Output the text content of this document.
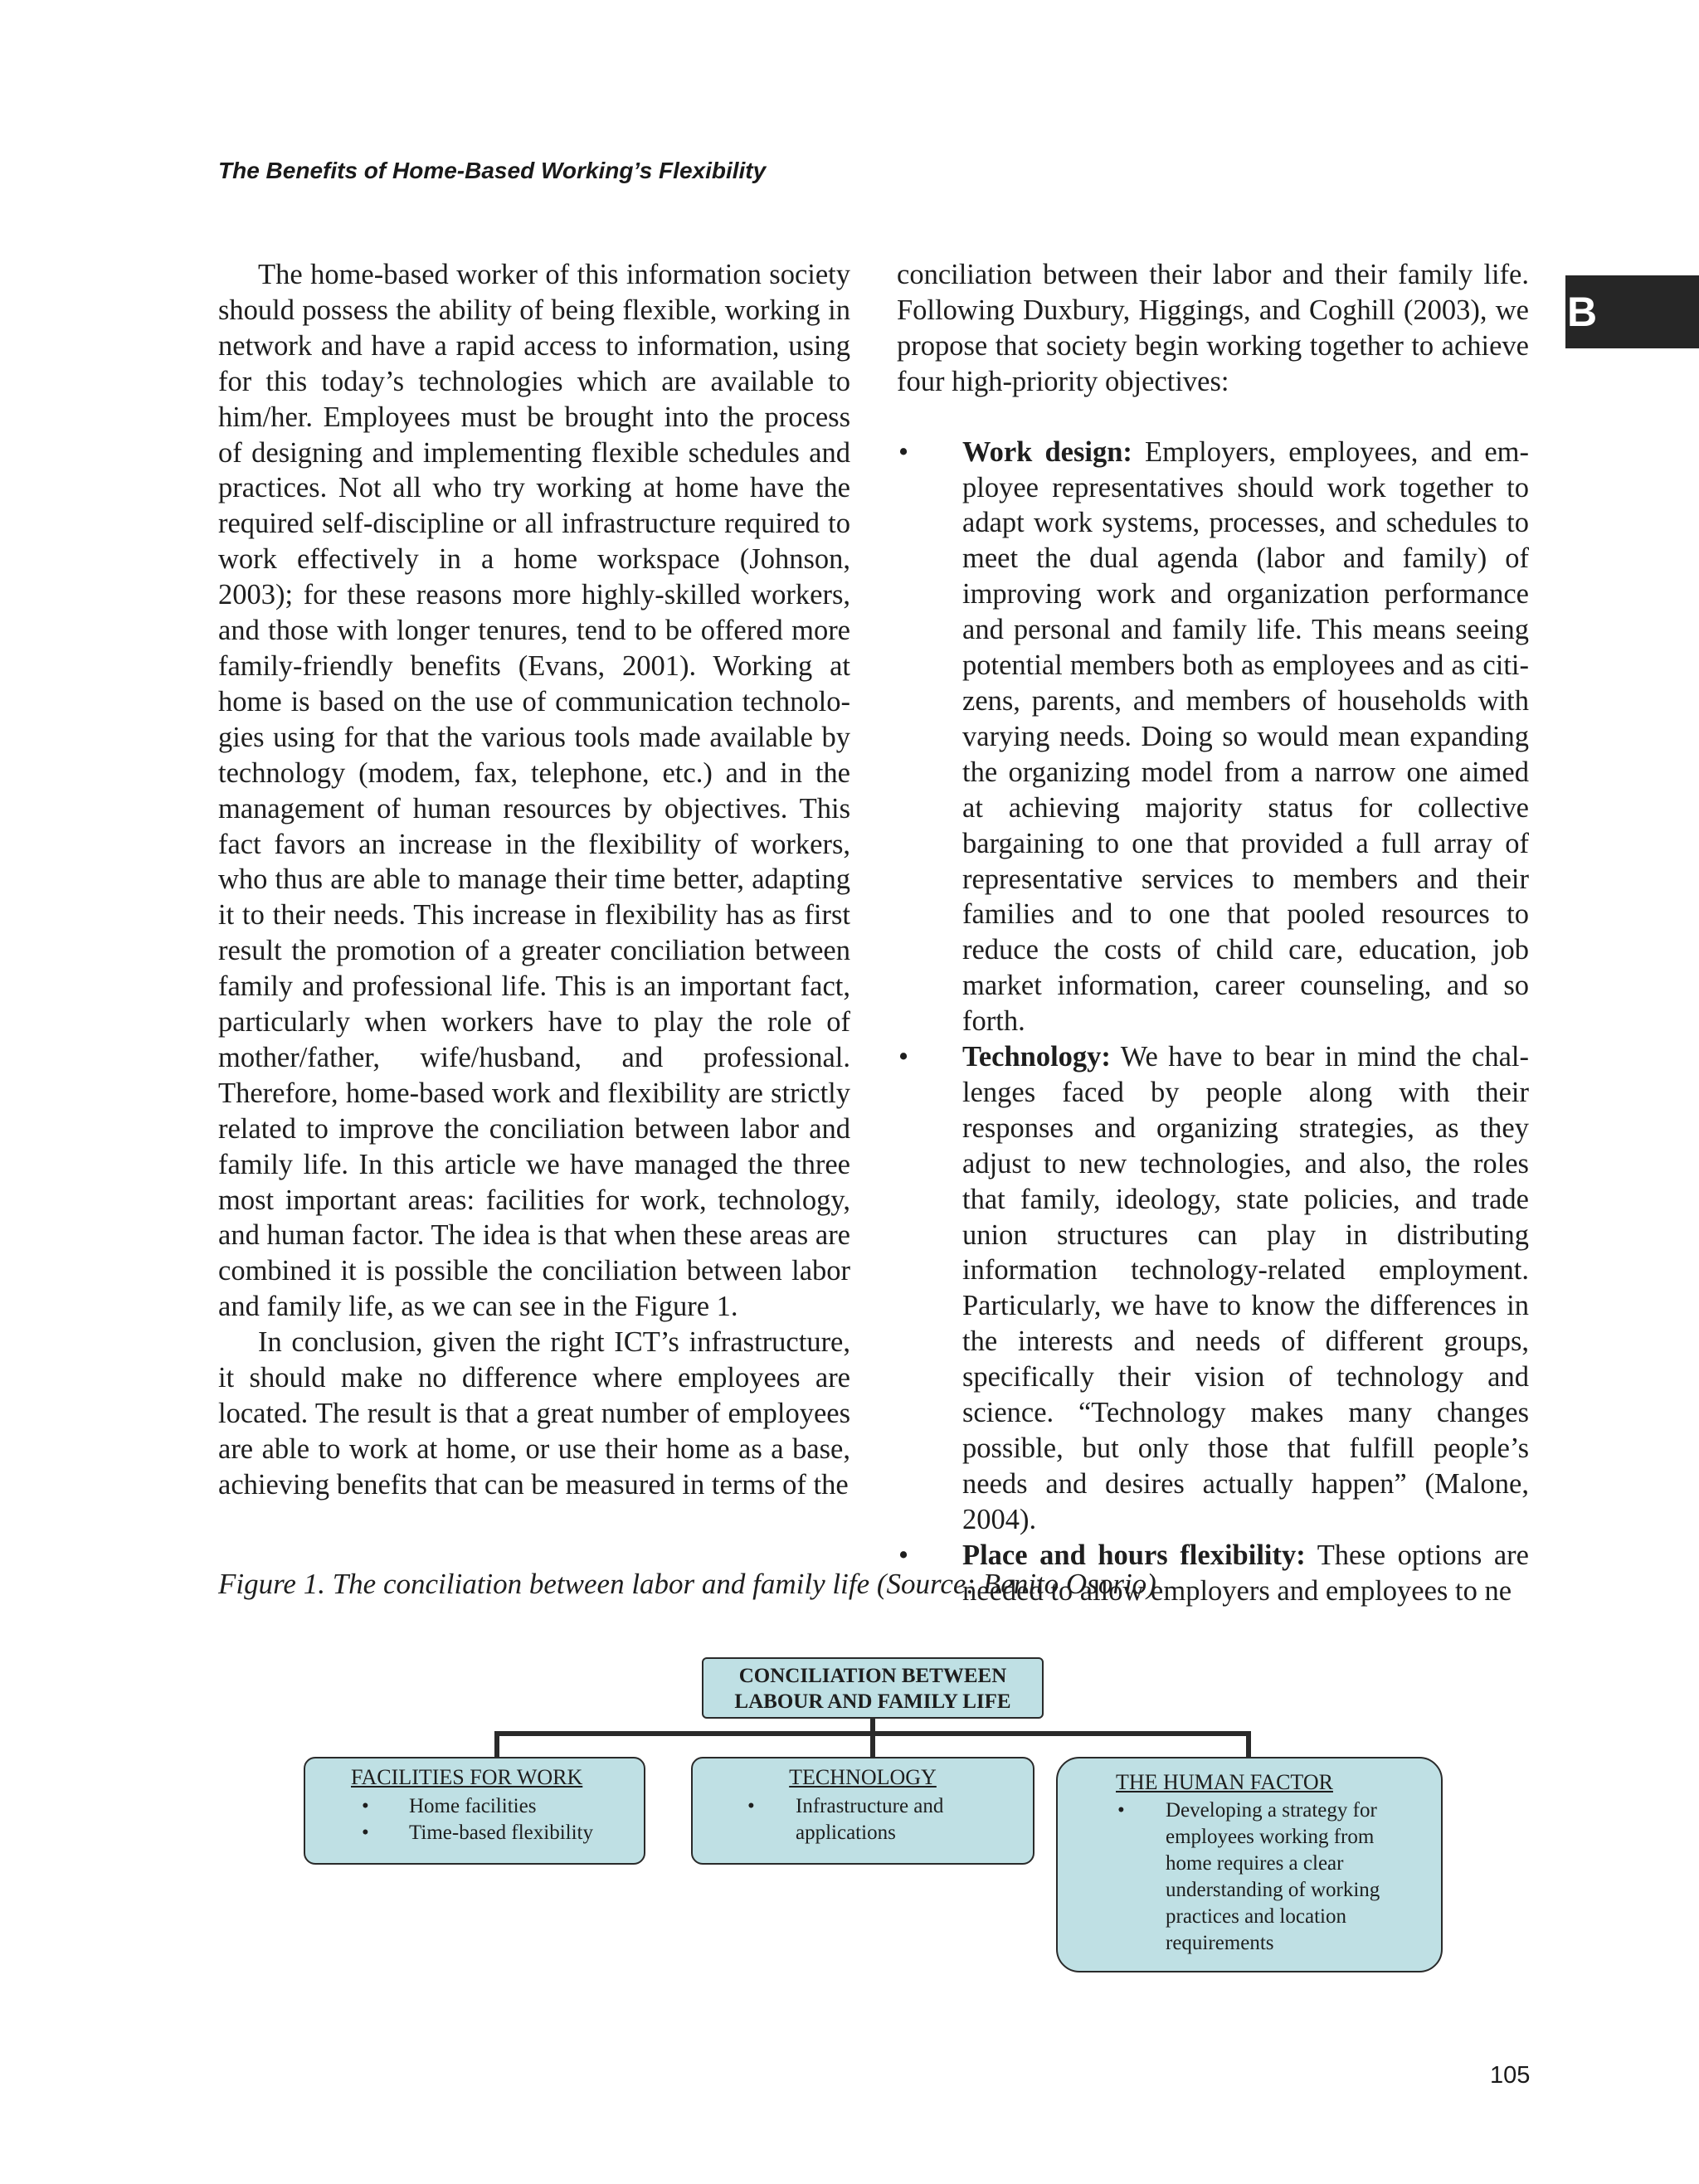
The Benefits of Home-Based Working’s Flexibility
B

The home-based worker of this information society should possess the ability of being flexible, working in network and have a rapid access to information, using for this today’s technologies which are available to him/her. Employees must be brought into the process of designing and implementing flexible schedules and practices. Not all who try working at home have the required self-discipline or all infrastructure required to work effectively in a home workspace (Johnson, 2003); for these reasons more highly-skilled workers, and those with longer tenures, tend to be offered more family-friendly benefits (Evans, 2001). Working at home is based on the use of communication technologies using for that the various tools made available by technology (modem, fax, telephone, etc.) and in the management of human resources by objectives. This fact favors an increase in the flexibility of workers, who thus are able to manage their time better, adapting it to their needs. This increase in flexibility has as first result the promotion of a greater conciliation between family and professional life. This is an important fact, particularly when workers have to play the role of mother/father, wife/husband, and professional. Therefore, home-based work and flexibility are strictly related to improve the conciliation between labor and family life. In this article we have managed the three most important areas: facilities for work, technology, and human factor. The idea is that when these areas are combined it is possible the conciliation between labor and family life, as we can see in the Figure 1.

In conclusion, given the right ICT’s infrastructure, it should make no difference where employees are located. The result is that a great number of employees are able to work at home, or use their home as a base, achieving benefits that can be measured in terms of the

conciliation between their labor and their family life. Following Duxbury, Higgings, and Coghill (2003), we propose that society begin working together to achieve four high-priority objectives:

• Work design: Employers, employees, and employee representatives should work together to adapt work systems, processes, and schedules to meet the dual agenda (labor and family) of improving work and organization performance and personal and family life. This means seeing potential members both as employees and as citizens, parents, and members of households with varying needs. Doing so would mean expanding the organizing model from a narrow one aimed at achieving majority status for collective bargaining to one that provided a full array of representative services to members and their families and to one that pooled resources to reduce the costs of child care, education, job market information, career counseling, and so forth.
• Technology: We have to bear in mind the challenges faced by people along with their responses and organizing strategies, as they adjust to new technologies, and also, the roles that family, ideology, state policies, and trade union structures can play in distributing information technology-related employment. Particularly, we have to know the differences in the interests and needs of different groups, specifically their vision of technology and science. “Technology makes many changes possible, but only those that fulfill people’s needs and desires actually happen” (Malone, 2004).
• Place and hours flexibility: These options are needed to allow employers and employees to ne
Figure 1. The conciliation between labor and family life (Source: Benito Osorio)
CONCILIATION BETWEEN
LABOUR AND FAMILY LIFE
FACILITIES FOR WORK
• Home facilities
• Time-based flexibility
TECHNOLOGY
• Infrastructure and applications
THE HUMAN FACTOR
• Developing a strategy for employees working from home requires a clear understanding of working practices and location requirements
105
